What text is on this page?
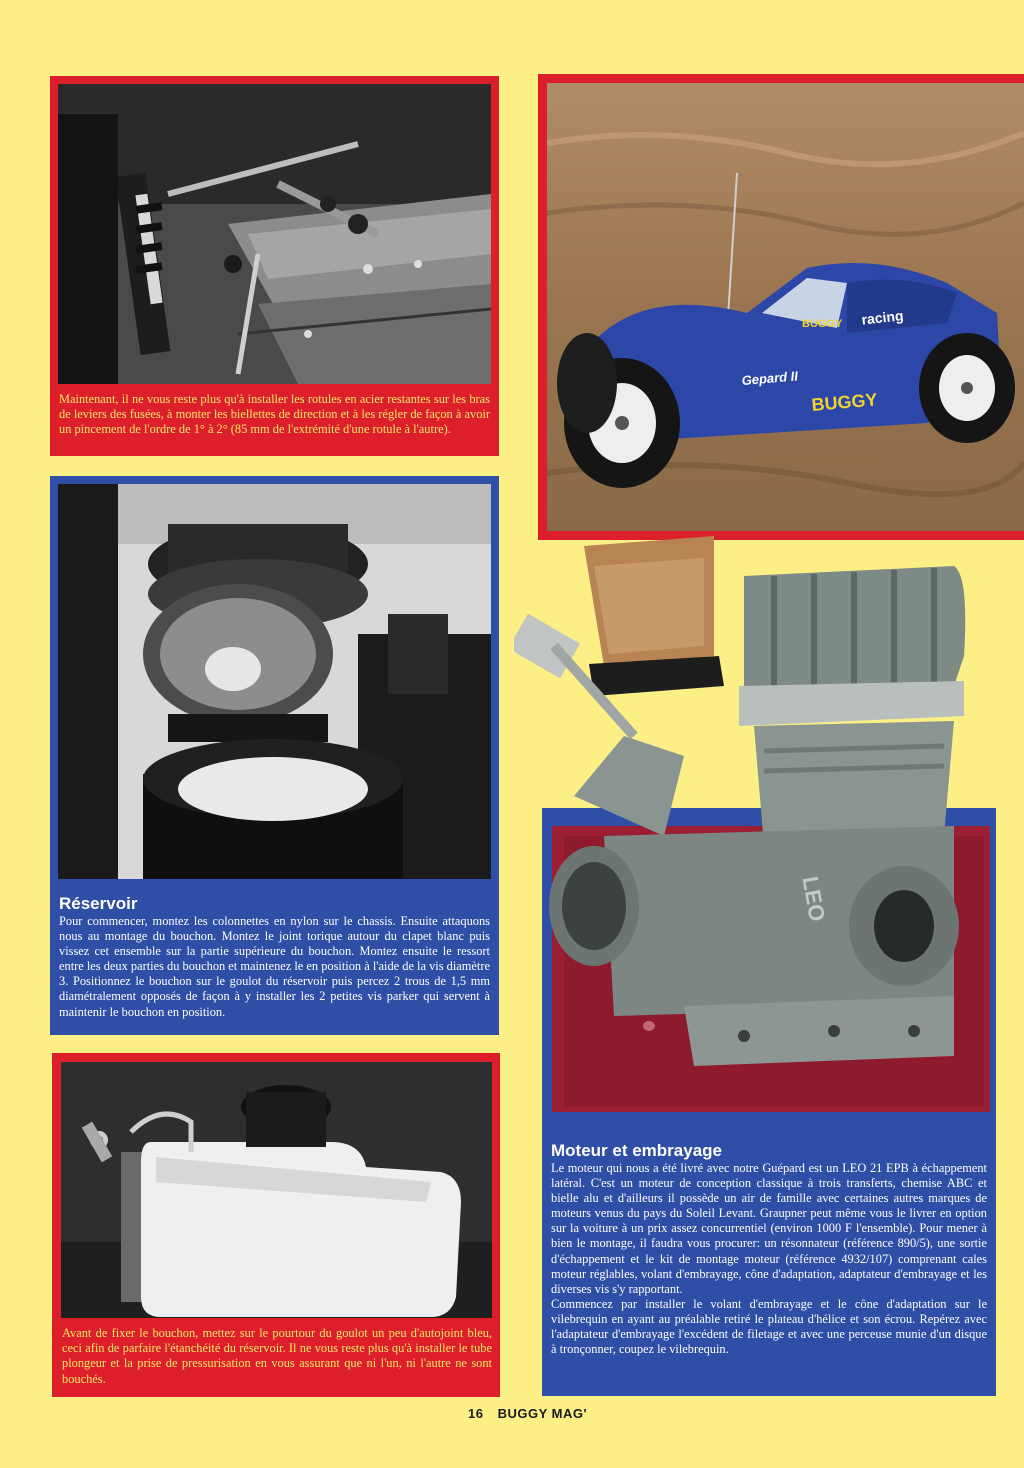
Maintenant, il ne vous reste plus qu'à installer les rotules en acier restantes sur les bras de leviers des fusées, à monter les biellettes de direction et à les régler de façon à avoir un pincement de l'ordre de 1° à 2° (85 mm de l'extrémité d'une rotule à l'autre).
BUGGY racing
Gepard II
BUGGY
Réservoir

Pour commencer, montez les colonnettes en nylon sur le chassis. Ensuite attaquons nous au montage du bouchon. Montez le joint torique autour du clapet blanc puis vissez cet ensemble sur la partie supérieure du bouchon. Montez ensuite le ressort entre les deux parties du bouchon et maintenez le en position à l'aide de la vis diamètre 3. Positionnez le bouchon sur le goulot du réservoir puis percez 2 trous de 1,5 mm diamétralement opposés de façon à y installer les 2 petites vis parker qui servent à maintenir le bouchon en position.

Avant de fixer le bouchon, mettez sur le pourtour du goulot un peu d'autojoint bleu, ceci afin de parfaire l'étanchéité du réservoir. Il ne vous reste plus qu'à installer le tube plongeur et la prise de pressurisation en vous assurant que ni l'un, ni l'autre ne sont bouchés.
Moteur et embrayage

Le moteur qui nous a été livré avec notre Guépard est un LEO 21 EPB à échappement latéral. C'est un moteur de conception classique à trois transferts, chemise ABC et bielle alu et d'ailleurs il possède un air de famille avec certaines autres marques de moteurs venus du pays du Soleil Levant. Graupner peut même vous le livrer en option sur la voiture à un prix assez concurrentiel (environ 1000 F l'ensemble). Pour mener à bien le montage, il faudra vous procurer: un résonnateur (référence 890/5), une sortie d'échappement et le kit de montage moteur (référence 4932/107) comprenant cales moteur réglables, volant d'embrayage, cône d'adaptation, adaptateur d'embrayage et les diverses vis s'y rapportant.

Commencez par installer le volant d'embrayage et le cône d'adaptation sur le vilebrequin en ayant au préalable retiré le plateau d'hélice et son écrou. Repérez avec l'adaptateur d'embrayage l'excédent de filetage et avec une perceuse munie d'un disque à tronçonner, coupez le vilebrequin.

LEO
16 BUGGY MAG'
